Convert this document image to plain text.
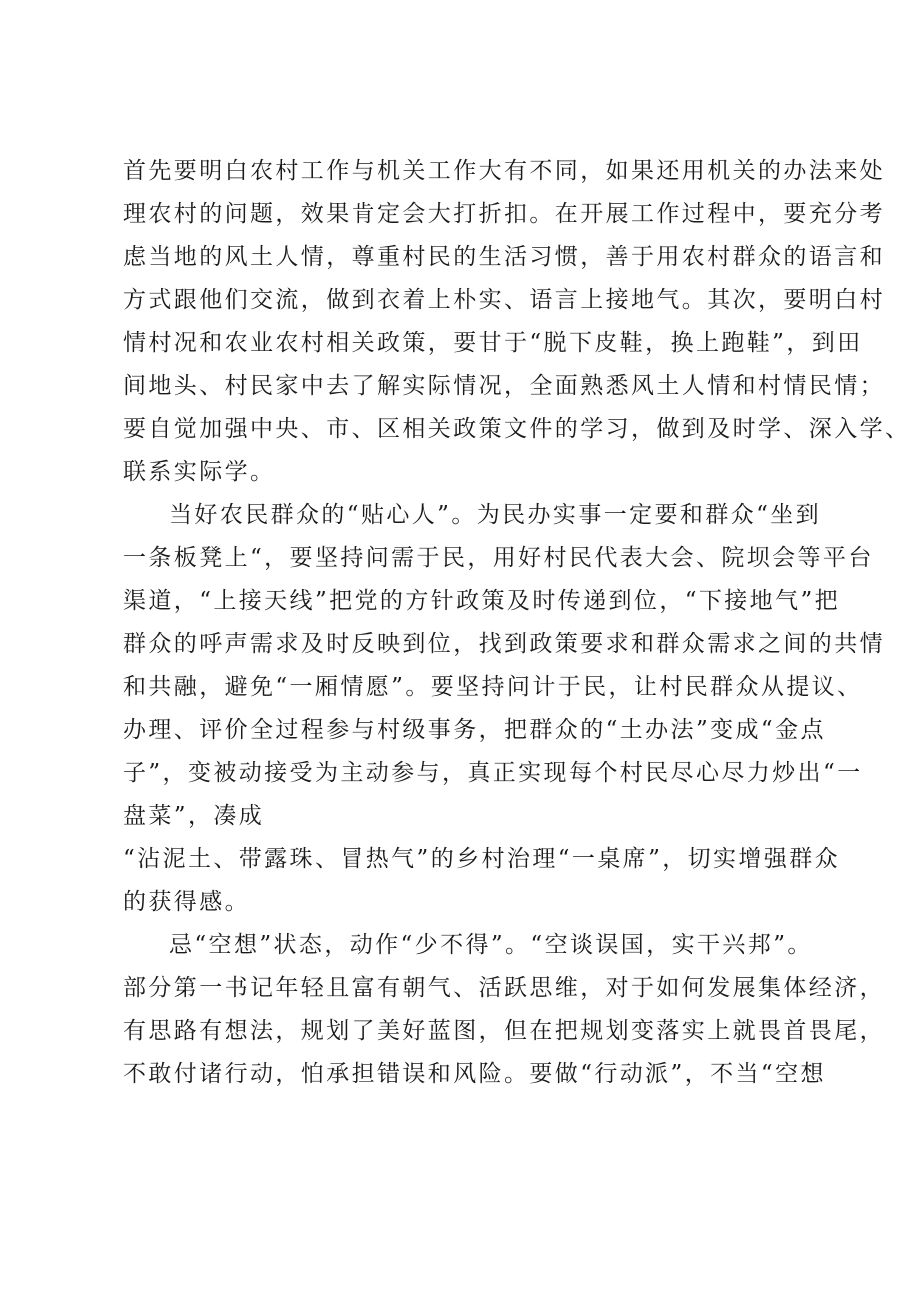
首先要明白农村工作与机关工作大有不同，如果还用机关的办法来处
理农村的问题，效果肯定会大打折扣。在开展工作过程中，要充分考
虑当地的风土人情，尊重村民的生活习惯，善于用农村群众的语言和
方式跟他们交流，做到衣着上朴实、语言上接地气。其次，要明白村
情村况和农业农村相关政策，要甘于“脱下皮鞋，换上跑鞋”，到田
间地头、村民家中去了解实际情况，全面熟悉风土人情和村情民情；
要自觉加强中央、市、区相关政策文件的学习，做到及时学、深入学、
联系实际学。
当好农民群众的“贴心人”。为民办实事一定要和群众“坐到
一条板凳上“，要坚持问需于民，用好村民代表大会、院坝会等平台
渠道，“上接天线”把党的方针政策及时传递到位，“下接地气”把
群众的呼声需求及时反映到位，找到政策要求和群众需求之间的共情
和共融，避免“一厢情愿”。要坚持问计于民，让村民群众从提议、
办理、评价全过程参与村级事务，把群众的“土办法”变成“金点
子”，变被动接受为主动参与，真正实现每个村民尽心尽力炒出“一
盘菜”，凑成
“沾泥土、带露珠、冒热气”的乡村治理“一桌席”，切实增强群众
的获得感。
忌“空想”状态，动作“少不得”。“空谈误国，实干兴邦”。
部分第一书记年轻且富有朝气、活跃思维，对于如何发展集体经济，
有思路有想法，规划了美好蓝图，但在把规划变落实上就畏首畏尾，
不敢付诸行动，怕承担错误和风险。要做“行动派”，不当“空想
